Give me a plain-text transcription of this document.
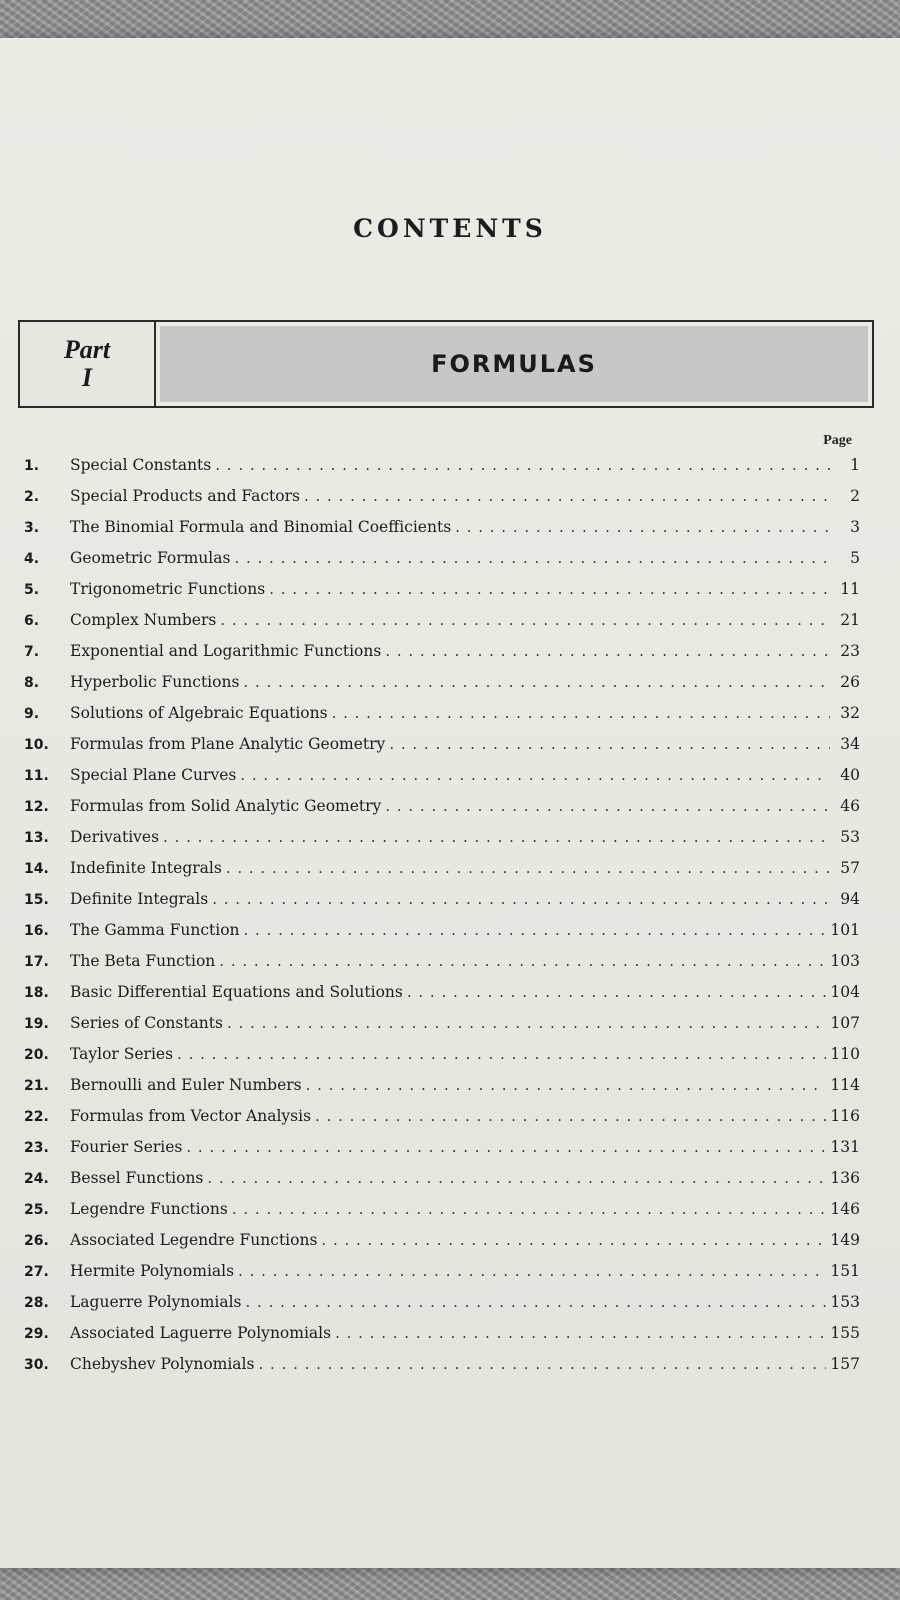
CONTENTS
Part
I	FORMULAS
Page
1.	Special Constants . . .	1
2.	Special Products and Factors . . .	2
3.	The Binomial Formula and Binomial Coefficients . . .	3
4.	Geometric Formulas . . .	5
5.	Trigonometric Functions . . .	11
6.	Complex Numbers . . .	21
7.	Exponential and Logarithmic Functions . . .	23
8.	Hyperbolic Functions . . .	26
9.	Solutions of Algebraic Equations . . .	32
10.	Formulas from Plane Analytic Geometry . . .	34
11.	Special Plane Curves . . .	40
12.	Formulas from Solid Analytic Geometry . . .	46
13.	Derivatives . . .	53
14.	Indefinite Integrals . . .	57
15.	Definite Integrals . . .	94
16.	The Gamma Function . . .	101
17.	The Beta Function . . .	103
18.	Basic Differential Equations and Solutions . . .	104
19.	Series of Constants . . .	107
20.	Taylor Series . . .	110
21.	Bernoulli and Euler Numbers . . .	114
22.	Formulas from Vector Analysis . . .	116
23.	Fourier Series . . .	131
24.	Bessel Functions . . .	136
25.	Legendre Functions . . .	146
26.	Associated Legendre Functions . . .	149
27.	Hermite Polynomials . . .	151
28.	Laguerre Polynomials . . .	153
29.	Associated Laguerre Polynomials . . .	155
30.	Chebyshev Polynomials . . .	157
